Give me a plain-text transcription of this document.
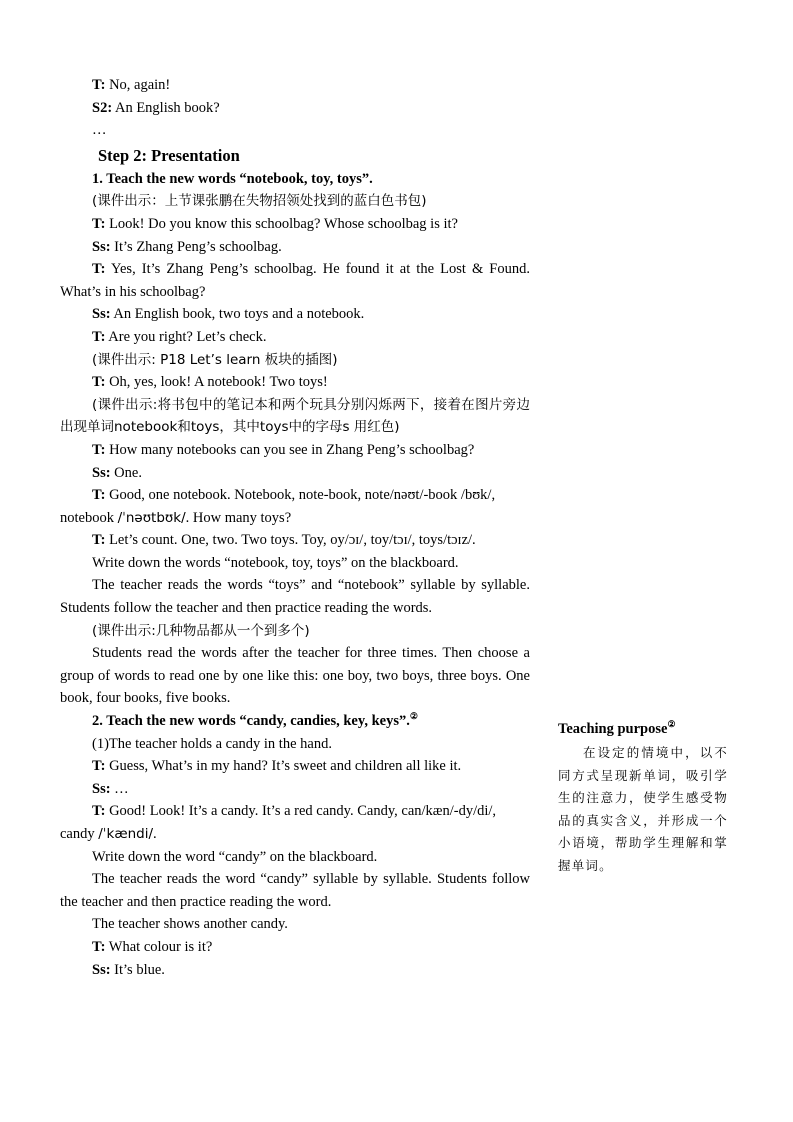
T: No, again!

S2: An English book?

…

Step 2: Presentation

1. Teach the new words “notebook, toy, toys”.

(课件出示：上节课张鹏在失物招领处找到的蓝白色书包)

T: Look! Do you know this schoolbag? Whose schoolbag is it?

Ss: It’s Zhang Peng’s schoolbag.

T: Yes, It’s Zhang Peng’s schoolbag. He found it at the Lost & Found. What’s in his schoolbag?

Ss: An English book, two toys and a notebook.

T: Are you right? Let’s check.

(课件出示: P18 Let’s learn 板块的插图)

T: Oh, yes, look! A notebook! Two toys!

(课件出示:将书包中的笔记本和两个玩具分别闪烁两下，接着在图片旁边出现单词notebook和toys，其中toys中的字母s 用红色)

T: How many notebooks can you see in Zhang Peng’s schoolbag?

Ss: One.

T: Good, one notebook. Notebook, note-book, note/nəʊt/-book /bʊk/, notebook /ˈnəʊtbʊk/. How many toys?

T: Let’s count. One, two. Two toys. Toy, oy/ɔɪ/, toy/tɔɪ/, toys/tɔɪz/.

Write down the words “notebook, toy, toys” on the blackboard.

The teacher reads the words “toys” and “notebook” syllable by syllable. Students follow the teacher and then practice reading the words.

(课件出示:几种物品都从一个到多个)

Students read the words after the teacher for three times. Then choose a group of words to read one by one like this: one boy, two boys, three boys. One book, four books, five books.

2. Teach the new words “candy, candies, key, keys”.②

(1)The teacher holds a candy in the hand.

T: Guess, What’s in my hand? It’s sweet and children all like it.

Ss: …

T: Good! Look! It’s a candy. It’s a red candy. Candy, can/kæn/-dy/di/, candy /ˈkændi/.

Write down the word “candy” on the blackboard.

The teacher reads the word “candy” syllable by syllable. Students follow the teacher and then practice reading the word.

The teacher shows another candy.

T: What colour is it?

Ss: It’s blue.

Teaching purpose②
在设定的情境中，以不同方式呈现新单词，吸引学生的注意力，使学生感受物品的真实含义，并形成一个小语境，帮助学生理解和掌握单词。
